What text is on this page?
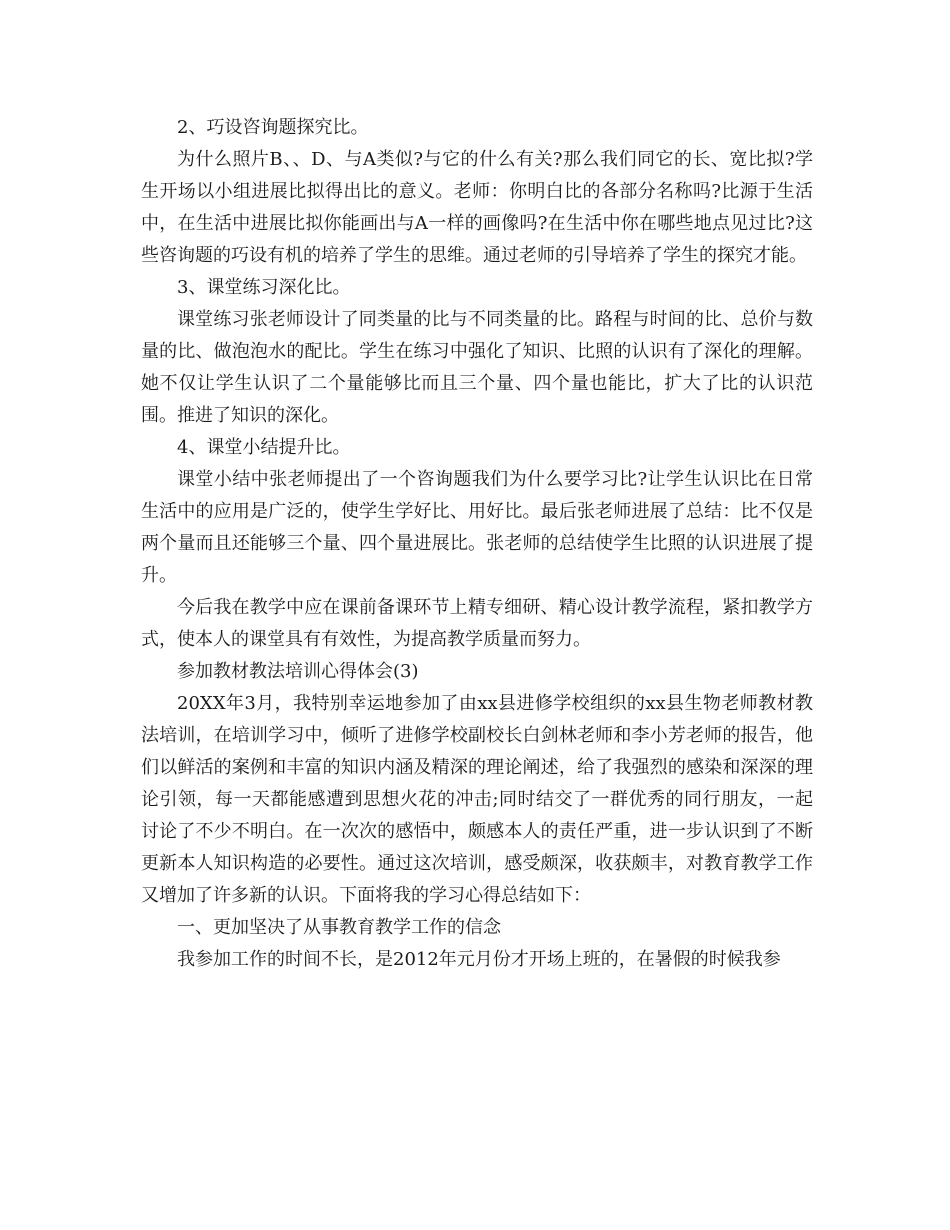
2、巧设咨询题探究比。

为什么照片B、、D、与A类似?与它的什么有关?那么我们同它的长、宽比拟?学生开场以小组进展比拟得出比的意义。老师：你明白比的各部分名称吗?比源于生活中，在生活中进展比拟你能画出与A一样的画像吗?在生活中你在哪些地点见过比?这些咨询题的巧设有机的培养了学生的思维。通过老师的引导培养了学生的探究才能。

3、课堂练习深化比。

课堂练习张老师设计了同类量的比与不同类量的比。路程与时间的比、总价与数量的比、做泡泡水的配比。学生在练习中强化了知识、比照的认识有了深化的理解。她不仅让学生认识了二个量能够比而且三个量、四个量也能比，扩大了比的认识范围。推进了知识的深化。

4、课堂小结提升比。

课堂小结中张老师提出了一个咨询题我们为什么要学习比?让学生认识比在日常生活中的应用是广泛的，使学生学好比、用好比。最后张老师进展了总结：比不仅是两个量而且还能够三个量、四个量进展比。张老师的总结使学生比照的认识进展了提升。

今后我在教学中应在课前备课环节上精专细研、精心设计教学流程，紧扣教学方式，使本人的课堂具有有效性，为提高教学质量而努力。

参加教材教法培训心得体会(3)

20XX年3月，我特别幸运地参加了由xx县进修学校组织的xx县生物老师教材教法培训，在培训学习中，倾听了进修学校副校长白剑林老师和李小芳老师的报告，他们以鲜活的案例和丰富的知识内涵及精深的理论阐述，给了我强烈的感染和深深的理论引领，每一天都能感遭到思想火花的冲击;同时结交了一群优秀的同行朋友，一起讨论了不少不明白。在一次次的感悟中，颇感本人的责任严重，进一步认识到了不断更新本人知识构造的必要性。通过这次培训，感受颇深，收获颇丰，对教育教学工作又增加了许多新的认识。下面将我的学习心得总结如下：

一、更加坚决了从事教育教学工作的信念

我参加工作的时间不长，是2012年元月份才开场上班的，在暑假的时候我参
